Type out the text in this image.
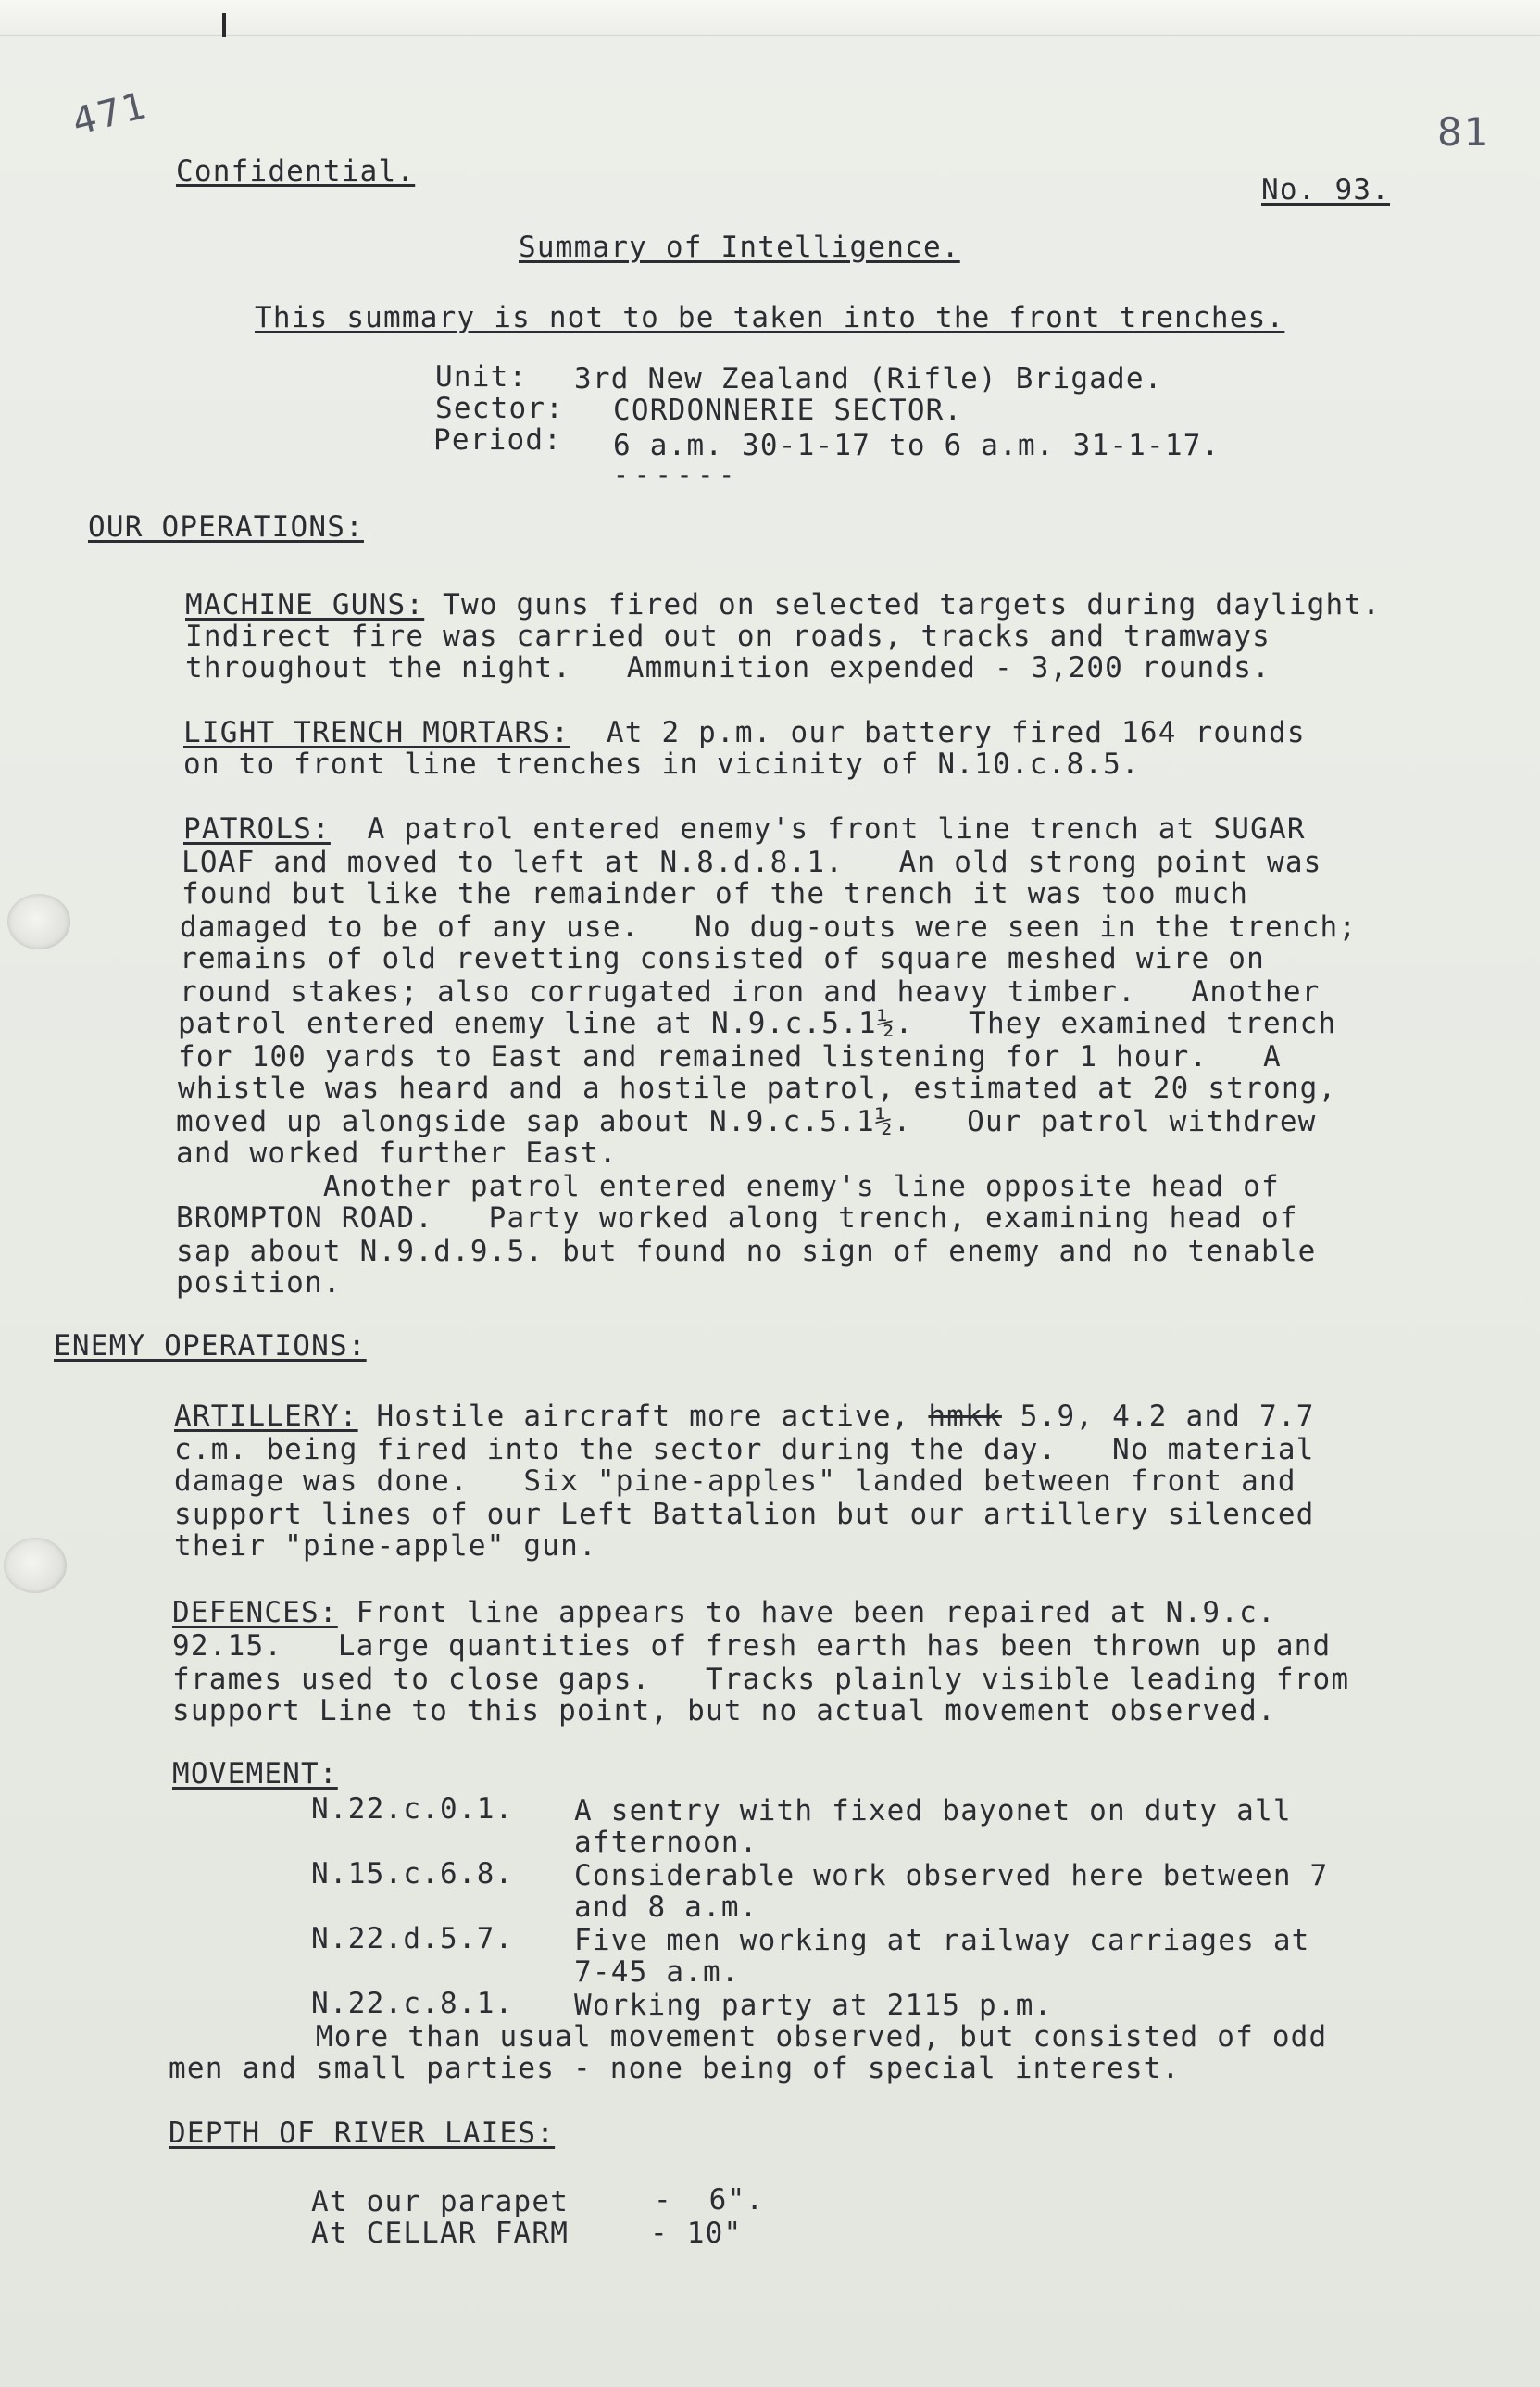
471	81
Confidential.
No. 93.
Summary of Intelligence.
This summary is not to be taken into the front trenches.
Unit: 3rd New Zealand (Rifle) Brigade.
Sector: CORDONNERIE SECTOR.
Period: 6 a.m. 30-1-17 to 6 a.m. 31-1-17.
------
OUR OPERATIONS:
MACHINE GUNS: Two guns fired on selected targets during daylight.
Indirect fire was carried out on roads, tracks and tramways
throughout the night.   Ammunition expended - 3,200 rounds.
LIGHT TRENCH MORTARS:  At 2 p.m. our battery fired 164 rounds
on to front line trenches in vicinity of N.10.c.8.5.
PATROLS:  A patrol entered enemy's front line trench at SUGAR
LOAF and moved to left at N.8.d.8.1.   An old strong point was
found but like the remainder of the trench it was too much
damaged to be of any use.   No dug-outs were seen in the trench;
remains of old revetting consisted of square meshed wire on
round stakes; also corrugated iron and heavy timber.   Another
patrol entered enemy line at N.9.c.5.1½.   They examined trench
for 100 yards to East and remained listening for 1 hour.   A
whistle was heard and a hostile patrol, estimated at 20 strong,
moved up alongside sap about N.9.c.5.1½.   Our patrol withdrew
and worked further East.
Another patrol entered enemy's line opposite head of
BROMPTON ROAD.   Party worked along trench, examining head of
sap about N.9.d.9.5. but found no sign of enemy and no tenable
position.
ENEMY OPERATIONS:
ARTILLERY: Hostile aircraft more active, hmkk 5.9, 4.2 and 7.7
c.m. being fired into the sector during the day.   No material
damage was done.   Six "pine-apples" landed between front and
support lines of our Left Battalion but our artillery silenced
their "pine-apple" gun.
DEFENCES: Front line appears to have been repaired at N.9.c.
92.15.   Large quantities of fresh earth has been thrown up and
frames used to close gaps.   Tracks plainly visible leading from
support Line to this point, but no actual movement observed.
MOVEMENT:
N.22.c.0.1. A sentry with fixed bayonet on duty all
afternoon.
N.15.c.6.8. Considerable work observed here between 7
and 8 a.m.
N.22.d.5.7. Five men working at railway carriages at
7-45 a.m.
N.22.c.8.1. Working party at 2115 p.m.
More than usual movement observed, but consisted of odd
men and small parties - none being of special interest.
DEPTH OF RIVER LAIES:
At our parapet	-  6".
At CELLAR FARM	- 10"
